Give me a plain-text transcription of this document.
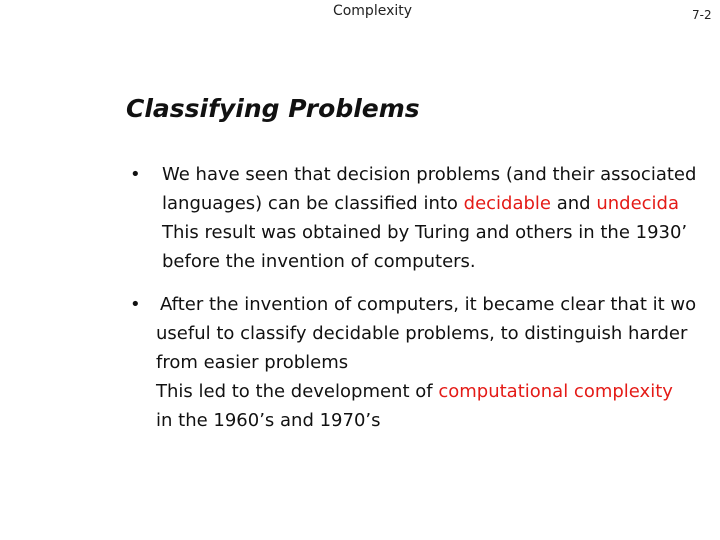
Complexity	7-2
Classifying Problems
•	We have seen that decision problems (and their associated
languages) can be classified into decidable and undecida
This result was obtained by Turing and others in the 1930’
before the invention of computers.
•	After the invention of computers, it became clear that it wo
useful to classify decidable problems, to distinguish harder
from easier problems
This led to the development of computational complexity
in the 1960’s and 1970’s
